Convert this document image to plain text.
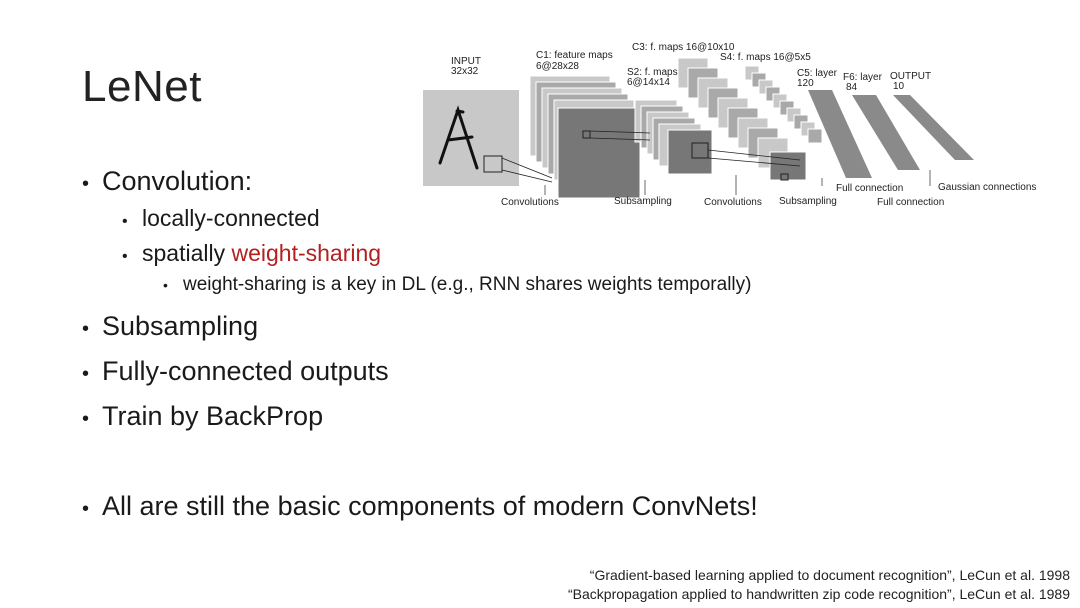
LeNet
INPUT
32x32
C1: feature maps
6@28x28
S2: f. maps
6@14x14
C3: f. maps 16@10x10
S4: f. maps 16@5x5
C5: layer
120
F6: layer
84
OUTPUT
10
Convolutions	Subsampling	Convolutions Subsampling
Full connection
Full connection
Gaussian connections
• Convolution:
• locally-connected
• spatially weight-sharing
• weight-sharing is a key in DL (e.g., RNN shares weights temporally)
• Subsampling
• Fully-connected outputs
• Train by BackProp
• All are still the basic components of modern ConvNets!
“Gradient-based learning applied to document recognition”, LeCun et al. 1998
“Backpropagation applied to handwritten zip code recognition”, LeCun et al. 1989
